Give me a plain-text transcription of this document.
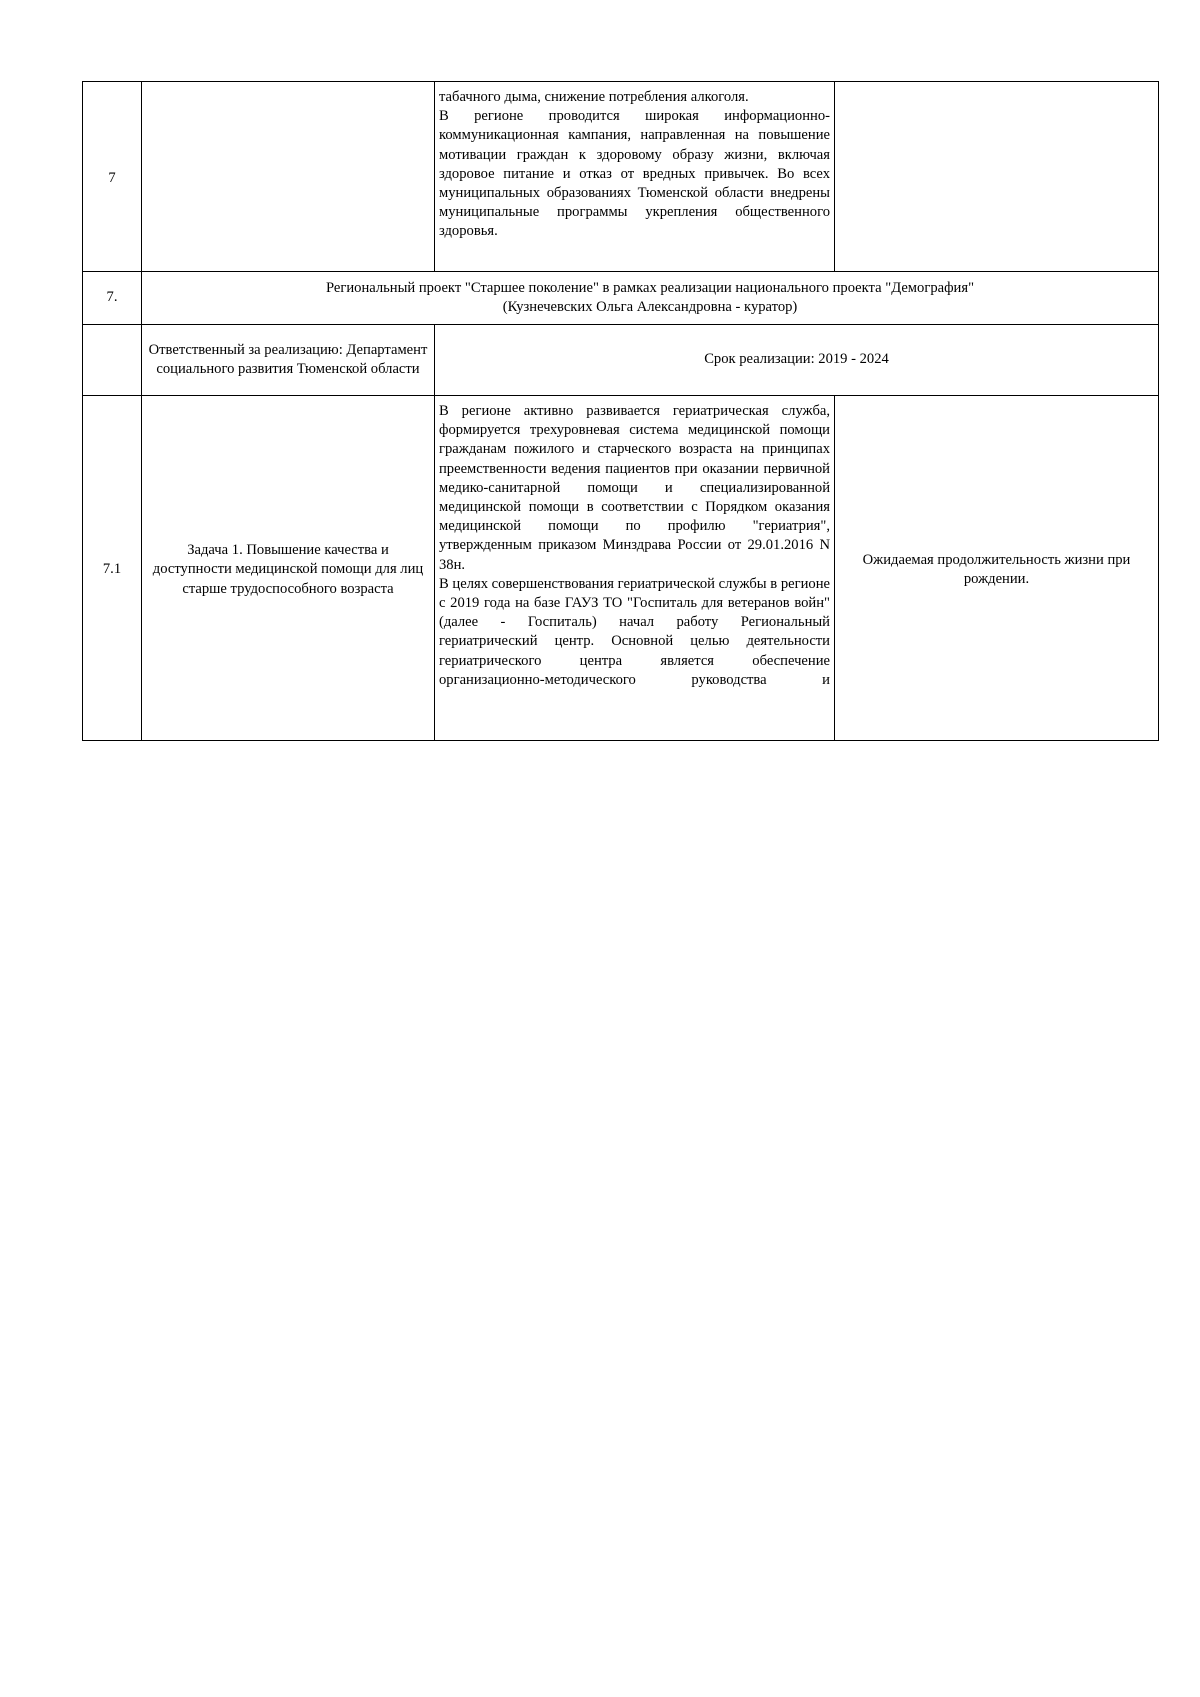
7		табачного дыма, снижение потребления алкоголя.

В регионе проводится широкая информационно-коммуникационная кампания, направленная на повышение мотивации граждан к здоровому образу жизни, включая здоровое питание и отказ от вредных привычек. Во всех муниципальных образованиях Тюменской области внедрены муниципальные программы укрепления общественного здоровья.	

7.	Региональный проект "Старшее поколение" в рамках реализации национального проекта "Демография"
(Кузнечевских Ольга Александровна - куратор)		

	Ответственный за реализацию: Департамент социального развития Тюменской области	Срок реализации: 2019 - 2024	
7.1	Задача 1. Повышение качества и доступности медицинской помощи для лиц старше трудоспособного возраста	В регионе активно развивается гериатрическая служба, формируется трехуровневая система медицинской помощи гражданам пожилого и старческого возраста на принципах преемственности ведения пациентов при оказании первичной медико-санитарной помощи и специализированной медицинской помощи в соответствии с Порядком оказания медицинской помощи по профилю "гериатрия", утвержденным приказом Минздрава России от 29.01.2016 N 38н.

В целях совершенствования гериатрической службы в регионе с 2019 года на базе ГАУЗ ТО "Госпиталь для ветеранов войн" (далее - Госпиталь) начал работу Региональный гериатрический центр. Основной целью деятельности гериатрического центра является обеспечение организационно-методического руководства и	Ожидаемая продолжительность жизни при рождении.
